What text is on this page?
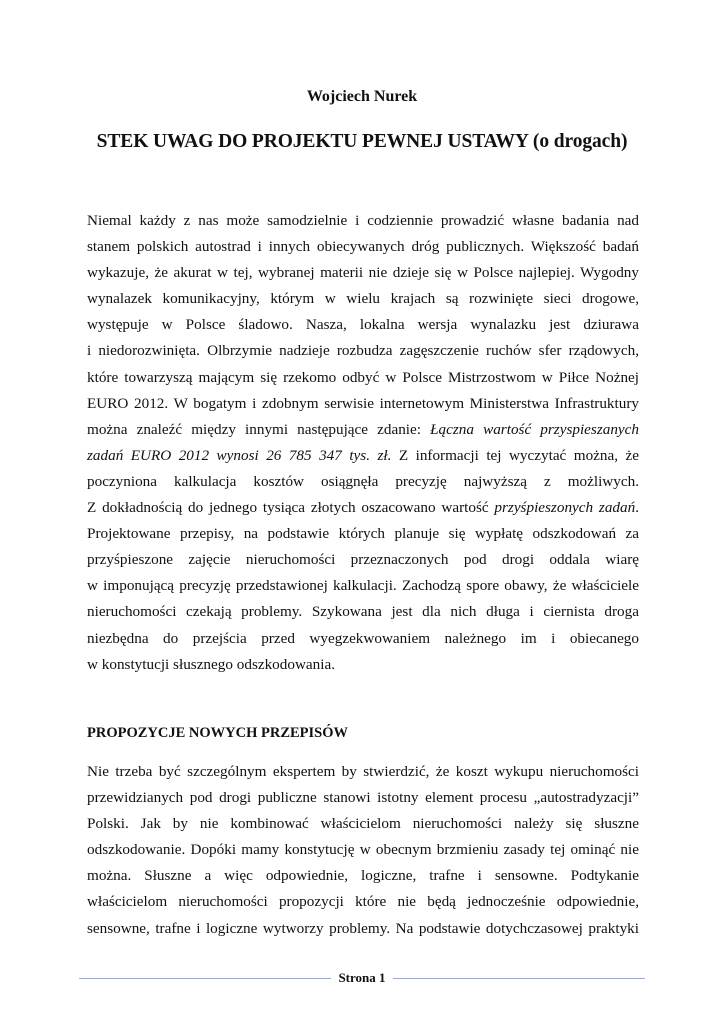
Wojciech Nurek
STEK UWAG DO PROJEKTU PEWNEJ USTAWY (o drogach)
Niemal każdy z nas może samodzielnie i codziennie prowadzić własne badania nad
stanem polskich autostrad i innych obiecywanych dróg publicznych. Większość badań
wykazuje, że akurat w tej, wybranej materii nie dzieje się w Polsce najlepiej. Wygodny
wynalazek komunikacyjny, którym w wielu krajach są rozwinięte sieci drogowe,
występuje w Polsce śladowo. Nasza, lokalna wersja wynalazku jest dziurawa
i niedorozwinięta. Olbrzymie nadzieje rozbudza zagęszczenie ruchów sfer rządowych,
które towarzyszą mającym się rzekomo odbyć w Polsce Mistrzostwom w Piłce Nożnej
EURO 2012. W bogatym i zdobnym serwisie internetowym Ministerstwa Infrastruktury
można znaleźć między innymi następujące zdanie: Łączna wartość przyspieszanych
zadań EURO 2012 wynosi 26 785 347 tys. zł. Z informacji tej wyczytać można, że
poczyniona kalkulacja kosztów osiągnęła precyzję najwyższą z możliwych.
Z dokładnością do jednego tysiąca złotych oszacowano wartość przyśpieszonych zadań.
Projektowane przepisy, na podstawie których planuje się wypłatę odszkodowań za
przyśpieszone zajęcie nieruchomości przeznaczonych pod drogi oddala wiarę
w imponującą precyzję przedstawionej kalkulacji. Zachodzą spore obawy, że właściciele
nieruchomości czekają problemy. Szykowana jest dla nich długa i ciernista droga
niezbędna do przejścia przed wyegzekwowaniem należnego im i obiecanego
w konstytucji słusznego odszkodowania.
PROPOZYCJE NOWYCH PRZEPISÓW
Nie trzeba być szczególnym ekspertem by stwierdzić, że koszt wykupu nieruchomości
przewidzianych pod drogi publiczne stanowi istotny element procesu „autostradyzacji”
Polski. Jak by nie kombinować właścicielom nieruchomości należy się słuszne
odszkodowanie. Dopóki mamy konstytucję w obecnym brzmieniu zasady tej ominąć nie
można. Słuszne a więc odpowiednie, logiczne, trafne i sensowne. Podtykanie
właścicielom nieruchomości propozycji które nie będą jednocześnie odpowiednie,
sensowne, trafne i logiczne wytworzy problemy. Na podstawie dotychczasowej praktyki
Strona 1
